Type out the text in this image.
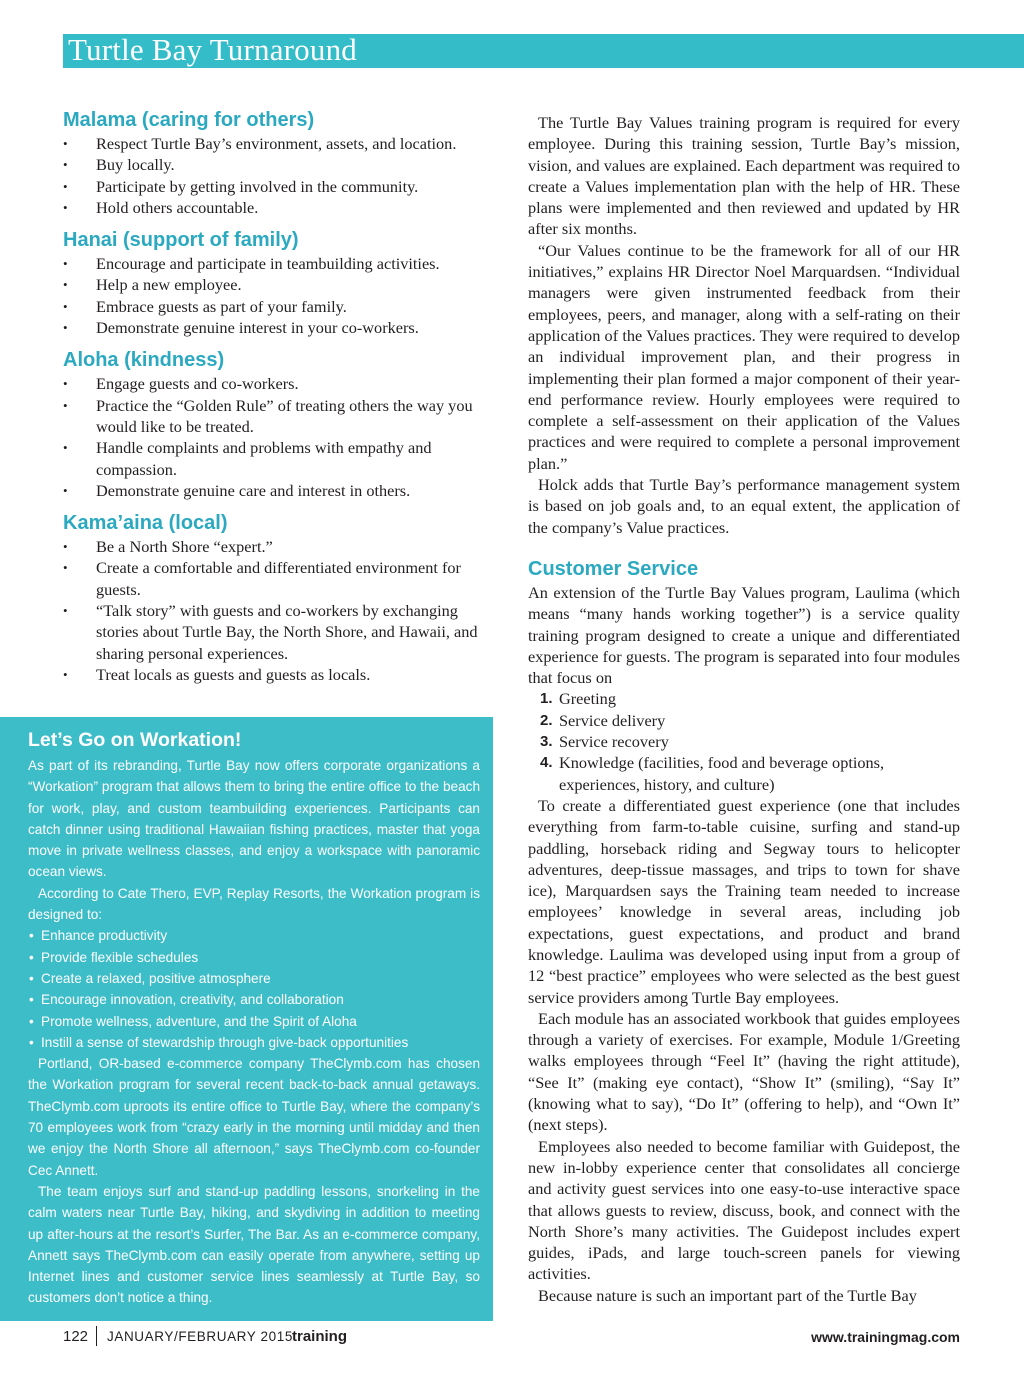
Turtle Bay Turnaround
Malama (caring for others)
• Respect Turtle Bay’s environment, assets, and location.
• Buy locally.
• Participate by getting involved in the community.
• Hold others accountable.
Hanai (support of family)
• Encourage and participate in teambuilding activities.
• Help a new employee.
• Embrace guests as part of your family.
• Demonstrate genuine interest in your co-workers.
Aloha (kindness)
• Engage guests and co-workers.
• Practice the “Golden Rule” of treating others the way you would like to be treated.
• Handle complaints and problems with empathy and compassion.
• Demonstrate genuine care and interest in others.
Kama’aina (local)
• Be a North Shore “expert.”
• Create a comfortable and differentiated environment for guests.
• “Talk story” with guests and co-workers by exchanging stories about Turtle Bay, the North Shore, and Hawaii, and sharing personal experiences.
• Treat locals as guests and guests as locals.
Let’s Go on Workation!

As part of its rebranding, Turtle Bay now offers corporate organizations a “Workation” program that allows them to bring the entire office to the beach for work, play, and custom teambuilding experiences. Participants can catch dinner using traditional Hawaiian fishing practices, master that yoga move in private wellness classes, and enjoy a workspace with panoramic ocean views.

According to Cate Thero, EVP, Replay Resorts, the Workation program is designed to:

• Enhance productivity
• Provide flexible schedules
• Create a relaxed, positive atmosphere
• Encourage innovation, creativity, and collaboration
• Promote wellness, adventure, and the Spirit of Aloha
• Instill a sense of stewardship through give-back opportunities

Portland, OR-based e-commerce company TheClymb.com has chosen the Workation program for several recent back-to-back annual getaways. TheClymb.com uproots its entire office to Turtle Bay, where the company’s 70 employees work from “crazy early in the morning until midday and then we enjoy the North Shore all afternoon,” says TheClymb.com co-founder Cec Annett.

The team enjoys surf and stand-up paddling lessons, snorkeling in the calm waters near Turtle Bay, hiking, and skydiving in addition to meeting up after-hours at the resort’s Surfer, The Bar. As an e-commerce company, Annett says TheClymb.com can easily operate from anywhere, setting up Internet lines and customer service lines seamlessly at Turtle Bay, so customers don’t notice a thing.

The Turtle Bay Values training program is required for every employee. During this training session, Turtle Bay’s mission, vision, and values are explained. Each department was required to create a Values implementation plan with the help of HR. These plans were implemented and then reviewed and updated by HR after six months.

“Our Values continue to be the framework for all of our HR initiatives,” explains HR Director Noel Marquardsen. “Individual managers were given instrumented feedback from their employees, peers, and manager, along with a self-rating on their application of the Values practices. They were required to develop an individual improvement plan, and their progress in implementing their plan formed a major component of their year-end performance review. Hourly employees were required to complete a self-assessment on their application of the Values practices and were required to complete a personal improvement plan.”

Holck adds that Turtle Bay’s performance management system is based on job goals and, to an equal extent, the application of the company’s Value practices.

Customer Service

An extension of the Turtle Bay Values program, Laulima (which means “many hands working together”) is a service quality training program designed to create a unique and differentiated experience for guests. The program is separated into four modules that focus on

1. Greeting
2. Service delivery
3. Service recovery
4. Knowledge (facilities, food and beverage options, experiences, history, and culture)

To create a differentiated guest experience (one that includes everything from farm-to-table cuisine, surfing and stand-up paddling, horseback riding and Segway tours to helicopter adventures, deep-tissue massages, and trips to town for shave ice), Marquardsen says the Training team needed to increase employees’ knowledge in several areas, including job expectations, guest expectations, and product and brand knowledge. Laulima was developed using input from a group of 12 “best practice” employees who were selected as the best guest service providers among Turtle Bay employees.

Each module has an associated workbook that guides employees through a variety of exercises. For example, Module 1/Greeting walks employees through “Feel It” (having the right attitude), “See It” (making eye contact), “Show It” (smiling), “Say It” (knowing what to say), “Do It” (offering to help), and “Own It” (next steps).

Employees also needed to become familiar with Guidepost, the new in-lobby experience center that consolidates all concierge and activity guest services into one easy-to-use interactive space that allows guests to review, discuss, book, and connect with the North Shore’s many activities. The Guidepost includes expert guides, iPads, and large touch-screen panels for viewing activities.

Because nature is such an important part of the Turtle Bay

122 JANUARY/FEBRUARY 2015 training	www.trainingmag.com
